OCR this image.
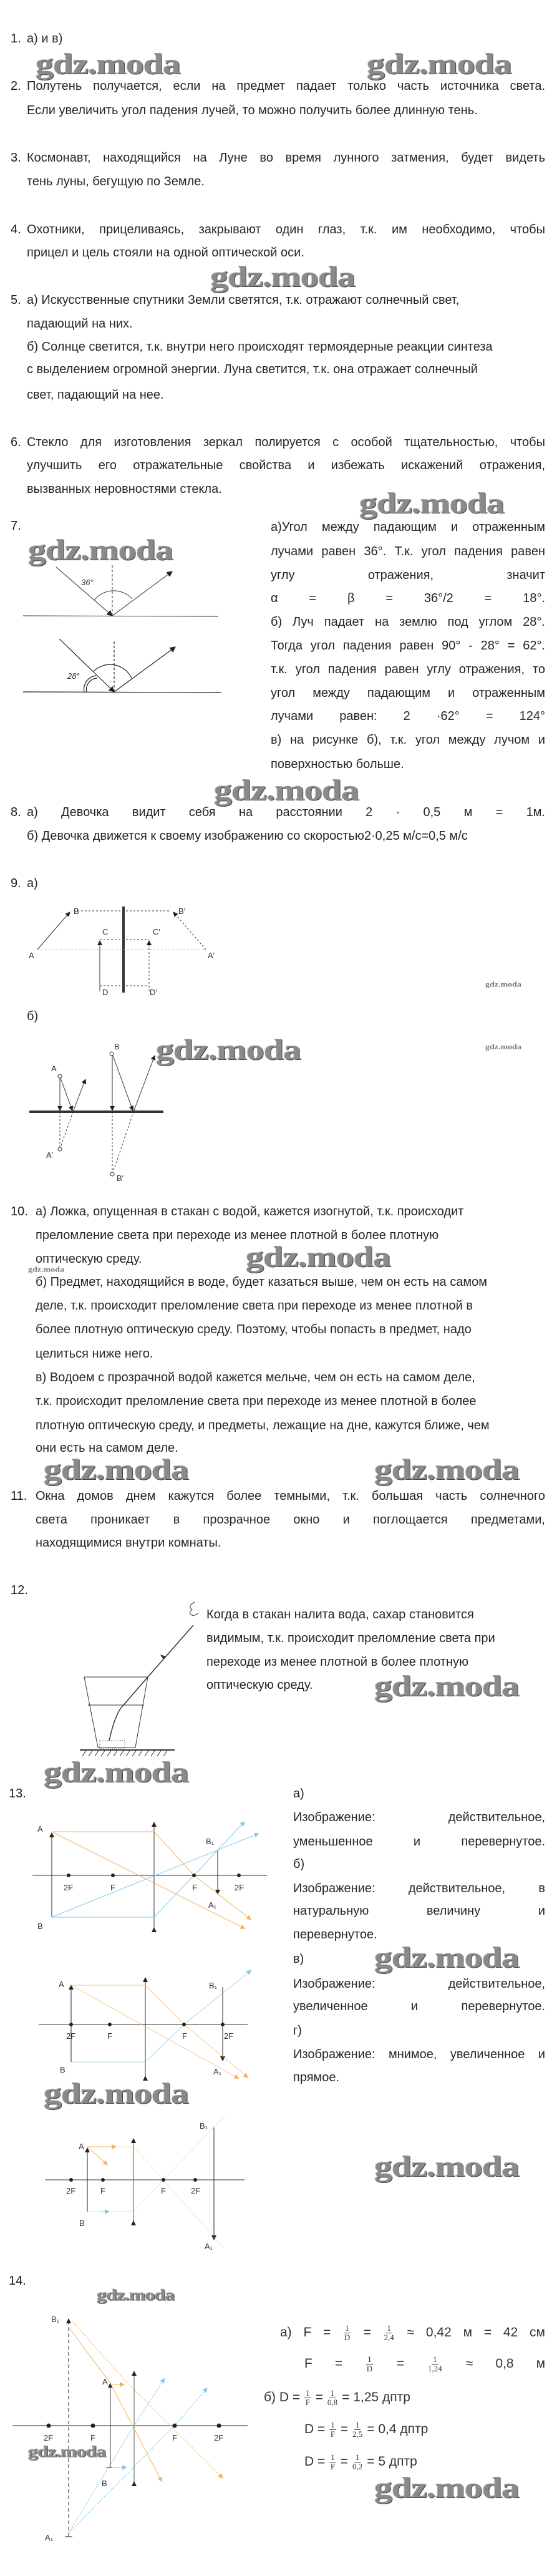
36°
28°
A
B	B′
A′
C	C′
D	D′
A
B
A′
B′
A
B
B₁
A₁
2F	F	F	2F
A
B
B₁
A₁
2F	F	F	2F
A
B
B₁
A₁
2F	F	F	2F
B₁
A
B
A₁
2F	F	F	2F
1. а) и в)
2. Полутень получается, если на предмет падает только часть источника света.
Если увеличить угол падения лучей, то можно получить более длинную тень.
3. Космонавт, находящийся на Луне во время лунного затмения, будет видеть
тень луны, бегущую по Земле.
4. Охотники, прицеливаясь, закрывают один глаз, т.к. им необходимо, чтобы
прицел и цель стояли на одной оптической оси.
5. а) Искусственные спутники Земли светятся, т.к. отражают солнечный свет,
падающий на них.
б) Солнце светится, т.к. внутри него происходят термоядерные реакции синтеза
с выделением огромной энергии. Луна светится, т.к. она отражает солнечный
свет, падающий на нее.
6. Стекло для изготовления зеркал полируется с особой тщательностью, чтобы
улучшить его отражательные свойства и избежать искажений отражения,
вызванных неровностями стекла.
7.	а)Угол между падающим и отраженным
лучами равен 36°. Т.к. угол падения равен
углу отражения, значит
α = β = 36°/2 = 18°.
б) Луч падает на землю под углом 28°.
Тогда угол падения равен 90° - 28° = 62°.
т.к. угол падения равен углу отражения, то
угол между падающим и отраженным
лучами равен: 2 ·62° = 124°
в) на рисунке б), т.к. угол между лучом и
поверхностью больше.
8. а) Девочка видит себя на расстоянии 2 · 0,5 м = 1м.
б) Девочка движется к своему изображению со скоростью2·0,25 м/с=0,5 м/с
9. а)
б)
10. а) Ложка, опущенная в стакан с водой, кажется изогнутой, т.к. происходит
преломление света при переходе из менее плотной в более плотную
оптическую среду.
б) Предмет, находящийся в воде, будет казаться выше, чем он есть на самом
деле, т.к. происходит преломление света при переходе из менее плотной в
более плотную оптическую среду. Поэтому, чтобы попасть в предмет, надо
целиться ниже него.
в) Водоем с прозрачной водой кажется мельче, чем он есть на самом деле,
т.к. происходит преломление света при переходе из менее плотной в более
плотную оптическую среду, и предметы, лежащие на дне, кажутся ближе, чем
они есть на самом деле.
11. Окна домов днем кажутся более темными, т.к. большая часть солнечного
света проникает в прозрачное окно и поглощается предметами,
находящимися внутри комнаты.
12.
Когда в стакан налита вода, сахар становится
видимым, т.к. происходит преломление света при
переходе из менее плотной в более плотную
оптическую среду.
13.	а)
Изображение: действительное,
уменьшенное и перевернутое.
б)
Изображение: действительное, в
натуральную величину и
перевернутое.
в)
Изображение: действительное,
увеличенное и перевернутое.
г)
Изображение: мнимое, увеличенное и
прямое.
14.
gdz.moda	gdz.moda
gdz.moda
gdz.moda
gdz.moda
gdz.moda
gdz.moda
gdz.moda	gdz.moda
gdz.moda
gdz.moda
gdz.moda	gdz.moda
gdz.moda
gdz.moda
gdz.moda
gdz.moda
gdz.moda
gdz.moda
gdz.moda
gdz.moda
а) $F = \frac{1}{D} = \frac{1}{2,4} \approx 0,42$ м = 42 см
F =	$\frac{1}{D}$ =	$\frac{1}{1,24} \approx 0,8$ м
б) $D = \frac{1}{F} = \frac{1}{0,8} = 1,25$ дптр
$D = \frac{1}{F} = \frac{1}{2,5} = 0,4$ дптр
$D = \frac{1}{F} = \frac{1}{0,2} = 5$ дптр
